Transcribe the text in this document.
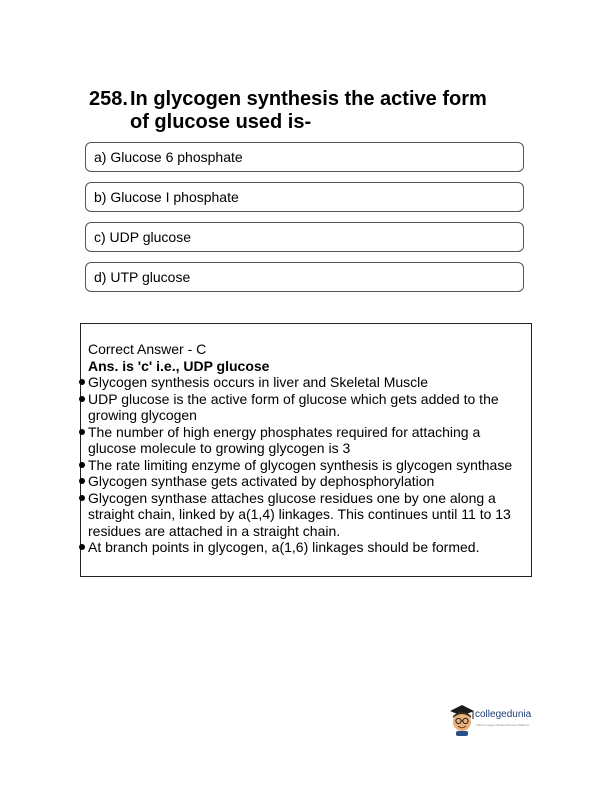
258. In glycogen synthesis the active form
of glucose used is-
a) Glucose 6 phosphate
b) Glucose I phosphate
c) UDP glucose
d) UTP glucose

Correct Answer - C

Ans. is 'c' i.e., UDP glucose

Glycogen synthesis occurs in liver and Skeletal Muscle
UDP glucose is the active form of glucose which gets added to the growing glycogen
The number of high energy phosphates required for attaching a glucose molecule to growing glycogen is 3
The rate limiting enzyme of glycogen synthesis is glycogen synthase
Glycogen synthase gets activated by dephosphorylation
Glycogen synthase attaches glucose residues one by one along a straight chain, linked by a(1,4) linkages. This continues until 11 to 13 residues are attached in a straight chain.
At branch points in glycogen, a(1,6) linkages should be formed.
collegedunia
India's Largest Student Review Platform
